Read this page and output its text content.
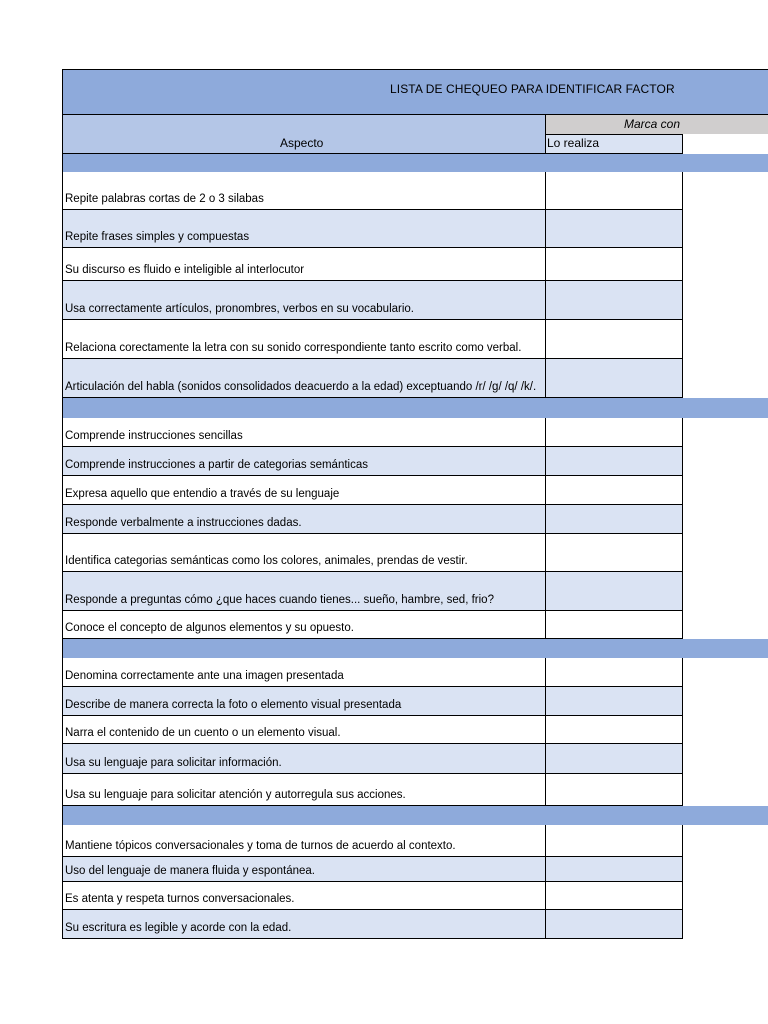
LISTA DE CHEQUEO PARA IDENTIFICAR FACTOR
Aspecto
Marca con
Lo realiza
Repite palabras cortas de 2 o 3 silabas
Repite frases simples y compuestas
Su discurso es fluido e inteligible al interlocutor
Usa correctamente artículos, pronombres, verbos en su vocabulario.
Relaciona corectamente la letra con su sonido correspondiente tanto escrito como verbal.
Articulación del habla (sonidos consolidados deacuerdo a la edad) exceptuando /r/ /g/ /q/ /k/.
Comprende instrucciones sencillas
Comprende instrucciones a partir de categorias semánticas
Expresa aquello que entendio a través de su lenguaje
Responde verbalmente a instrucciones dadas.
Identifica categorias semánticas como los colores, animales, prendas de vestir.
Responde a preguntas cómo ¿que haces cuando tienes... sueño, hambre, sed, frio?
Conoce el concepto de algunos elementos y su opuesto.
Denomina correctamente ante una imagen presentada
Describe de manera correcta la foto o elemento visual presentada
Narra el contenido de un cuento o un elemento visual.
Usa su lenguaje para solicitar información.
Usa su lenguaje para solicitar atención y autorregula sus acciones.
Mantiene tópicos conversacionales y toma de turnos de acuerdo al contexto.
Uso del lenguaje de manera fluida y espontánea.
Es atenta y respeta turnos conversacionales.
Su escritura es legible y acorde con la edad.
